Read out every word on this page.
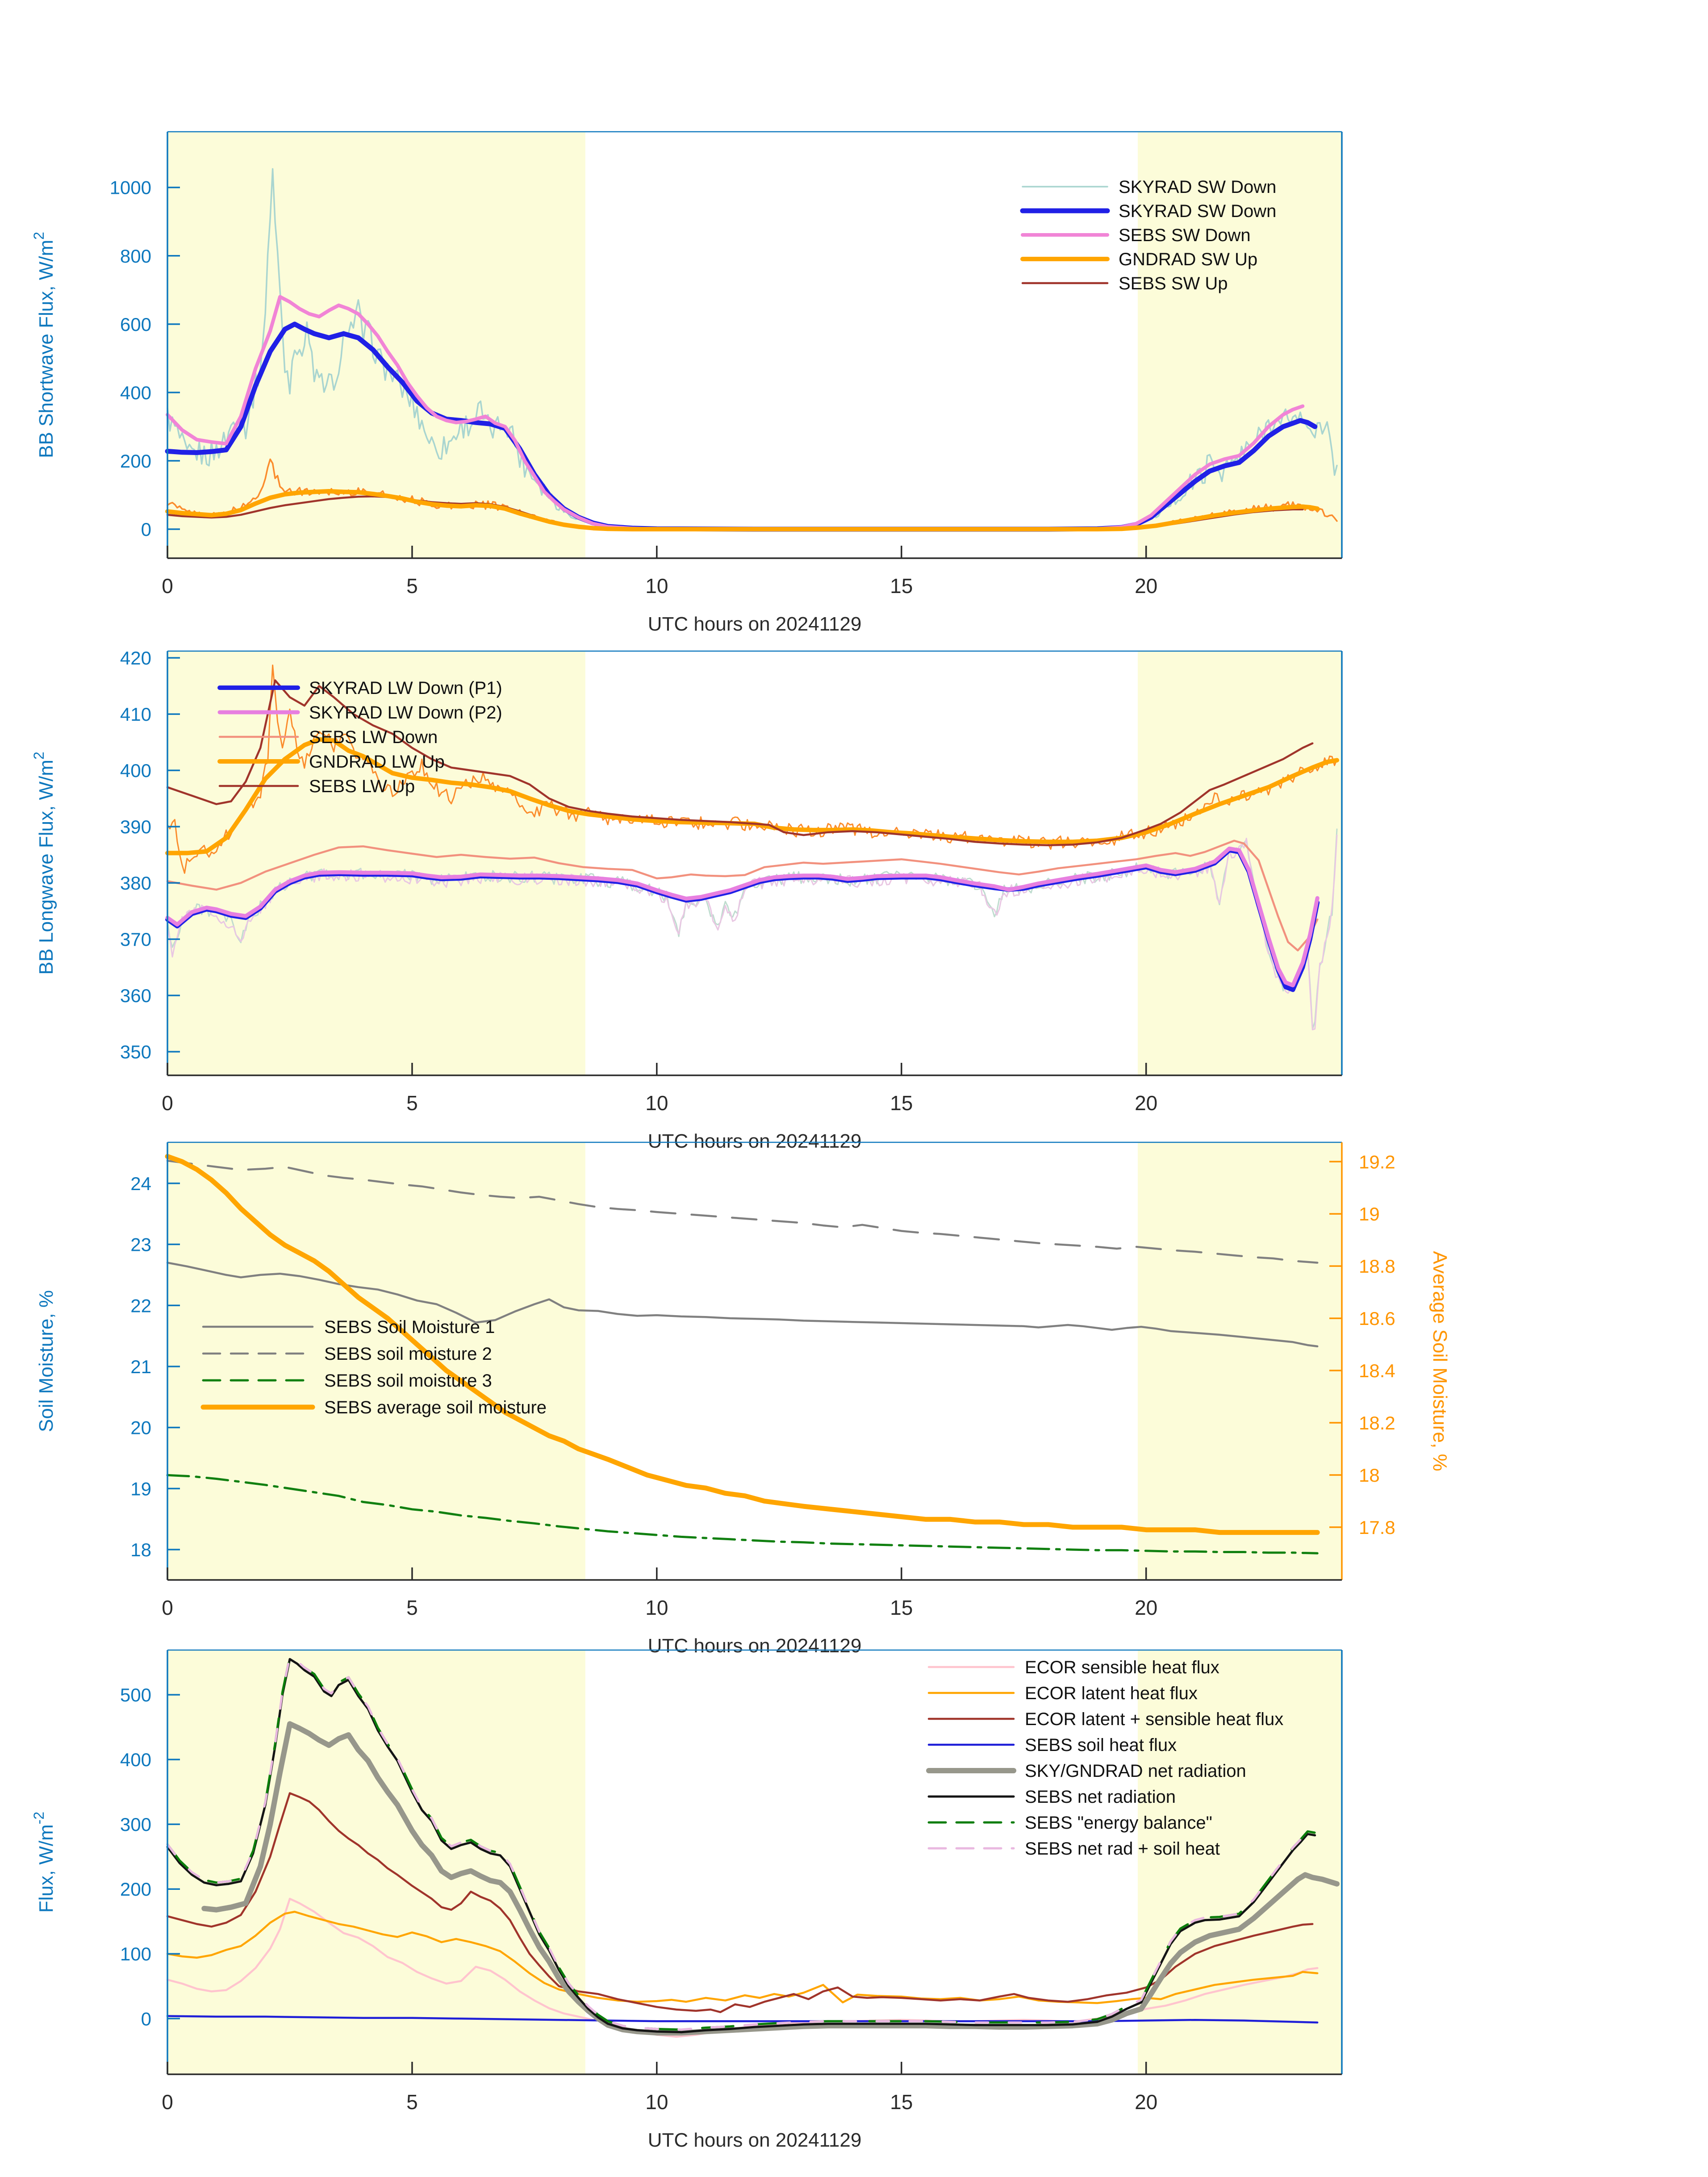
0
200
400
600
800
1000
0	5	10	15	20
UTC hours on 20241129
BB Shortwave Flux, $W/m^2$
SKYRAD SW Down
SKYRAD SW Down
SEBS SW Down
GNDRAD SW Up
SEBS SW Up
350
360
370
380
390
400
410
420
0	5	10	15	20
UTC hours on 20241129
BB Longwave Flux, $W/m^2$
SKYRAD LW Down (P1)
SKYRAD LW Down (P2)
SEBS LW Down
GNDRAD LW Up
SEBS LW Up
18
19
20
21
22
23
24
17.8
18
18.2
18.4
18.6
18.8
19
19.2
Average Soil Moisture, %
0	5	10	15	20
UTC hours on 20241129
Soil Moisture, %	SEBS Soil Moisture 1
SEBS soil moisture 2
SEBS soil moisture 3
SEBS average soil moisture
0
100
200
300
400
500
0	5	10	15	20
UTC hours on 20241129
Flux, $W/m^{-2}$
ECOR sensible heat flux
ECOR latent heat flux
ECOR latent + sensible heat flux
SEBS soil heat flux
SKY/GNDRAD net radiation
SEBS net radiation
SEBS "energy balance"
SEBS net rad + soil heat
